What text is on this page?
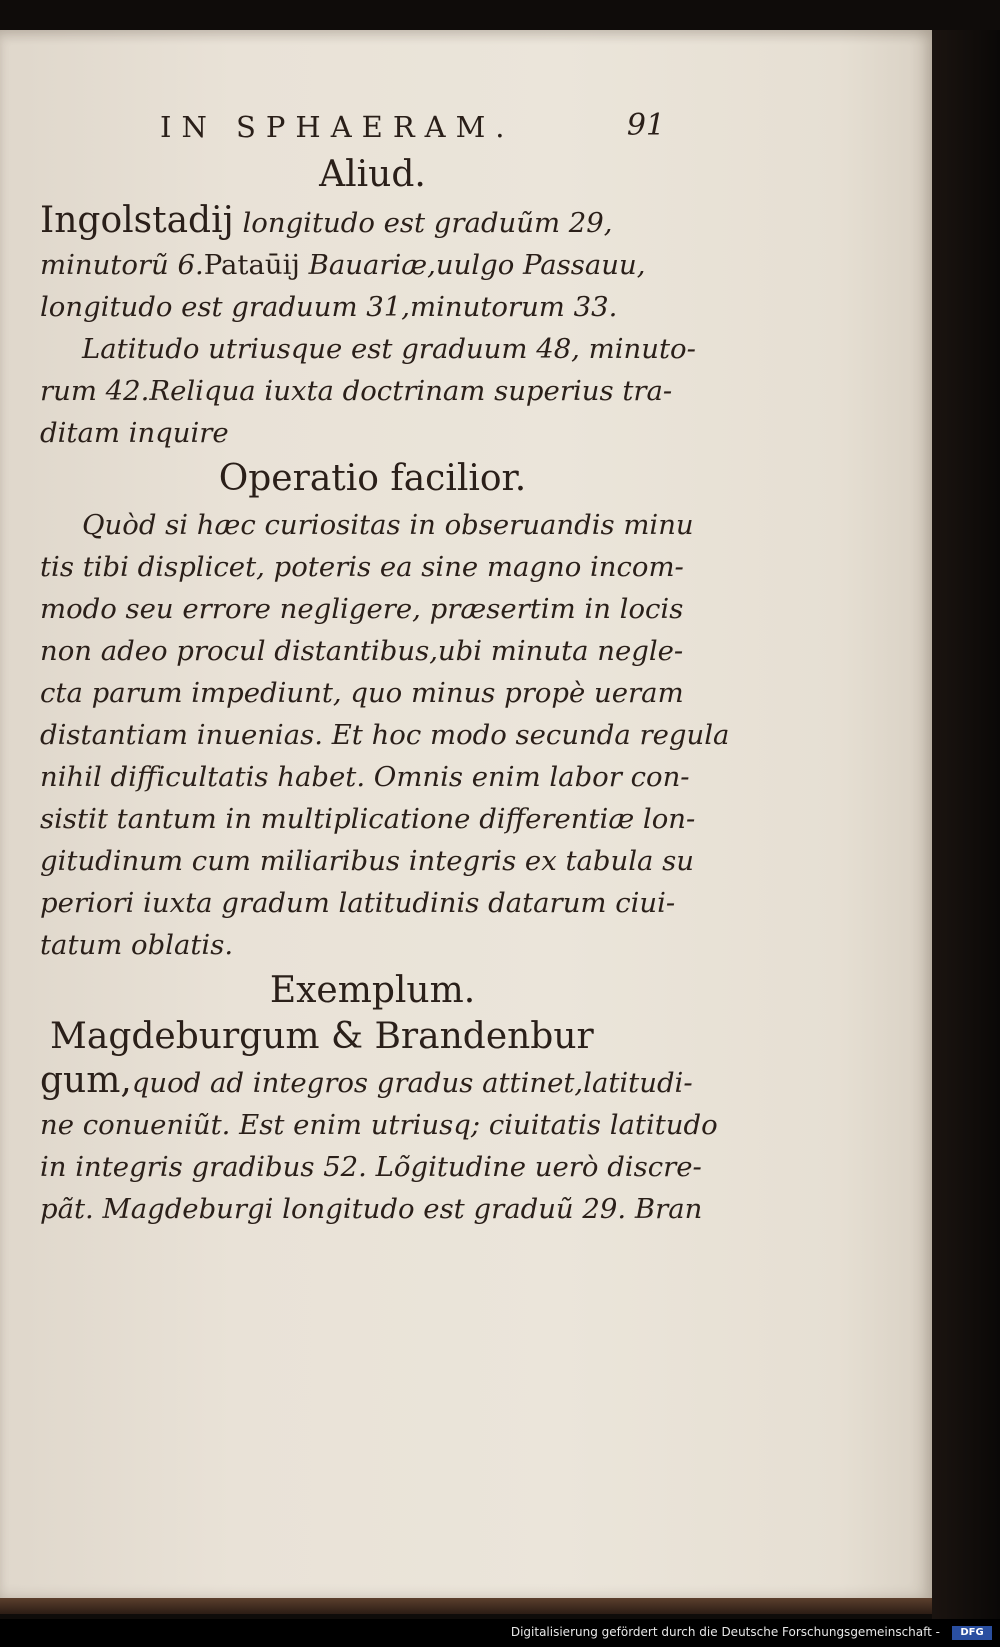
IN SPHAERAM.	91
Aliud.
Ingolstadij longitudo est graduũm 29,
minutorũ 6.Pataūij Bauariæ,uulgo Passauu,
longitudo est graduum 31,minutorum 33.
Latitudo utriusque est graduum 48, minuto-
rum 42.Reliqua iuxta doctrinam superius tra-
ditam inquire
Operatio facilior.
Quòd si hæc curiositas in obseruandis minu
tis tibi displicet, poteris ea sine magno incom-
modo seu errore negligere, præsertim in locis
non adeo procul distantibus,ubi minuta negle-
cta parum impediunt, quo minus propè ueram
distantiam inuenias. Et hoc modo secunda regula
nihil difficultatis habet. Omnis enim labor con-
sistit tantum in multiplicatione differentiæ lon-
gitudinum cum miliaribus integris ex tabula su
periori iuxta gradum latitudinis datarum ciui-
tatum oblatis.
Exemplum.
Magdeburgum & Brandenbur
gum,quod ad integros gradus attinet,latitudi-
ne conueniũt. Est enim utriusq; ciuitatis latitudo
in integris gradibus 52. Lõgitudine uerò discre-
pãt. Magdeburgi longitudo est graduũ 29. Bran
Digitalisierung gefördert durch die Deutsche Forschungsgemeinschaft -	DFG
